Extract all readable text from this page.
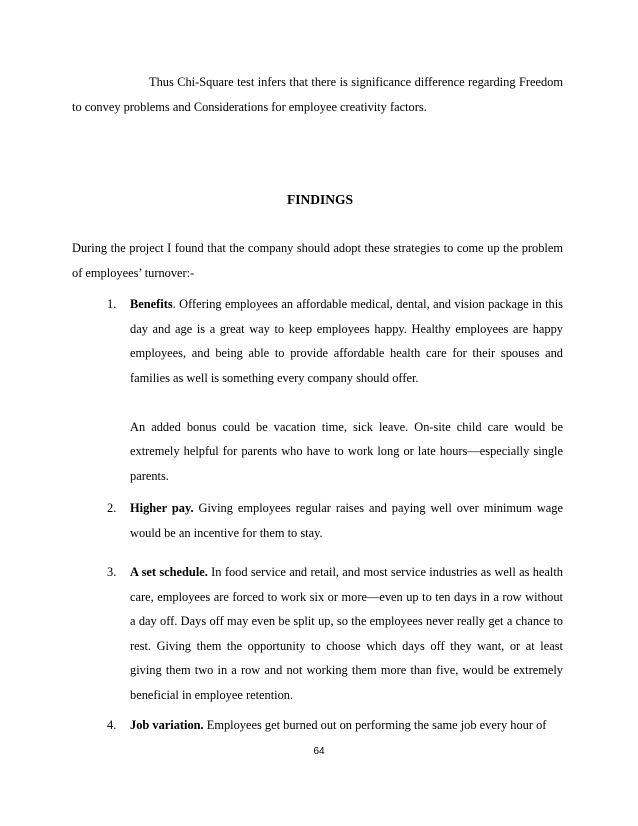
Thus Chi-Square test infers that there is significance difference regarding Freedom to convey problems and Considerations for employee creativity factors.

FINDINGS

During the project I found that the company should adopt these strategies to come up the problem of employees’ turnover:-

1. Benefits. Offering employees an affordable medical, dental, and vision package in this day and age is a great way to keep employees happy. Healthy employees are happy employees, and being able to provide affordable health care for their spouses and families as well is something every company should offer.

An added bonus could be vacation time, sick leave. On-site child care would be extremely helpful for parents who have to work long or late hours—especially single parents.

2. Higher pay. Giving employees regular raises and paying well over minimum wage would be an incentive for them to stay.

3. A set schedule. In food service and retail, and most service industries as well as health care, employees are forced to work six or more—even up to ten days in a row without a day off. Days off may even be split up, so the employees never really get a chance to rest. Giving them the opportunity to choose which days off they want, or at least giving them two in a row and not working them more than five, would be extremely beneficial in employee retention.

4. Job variation. Employees get burned out on performing the same job every hour of

64
